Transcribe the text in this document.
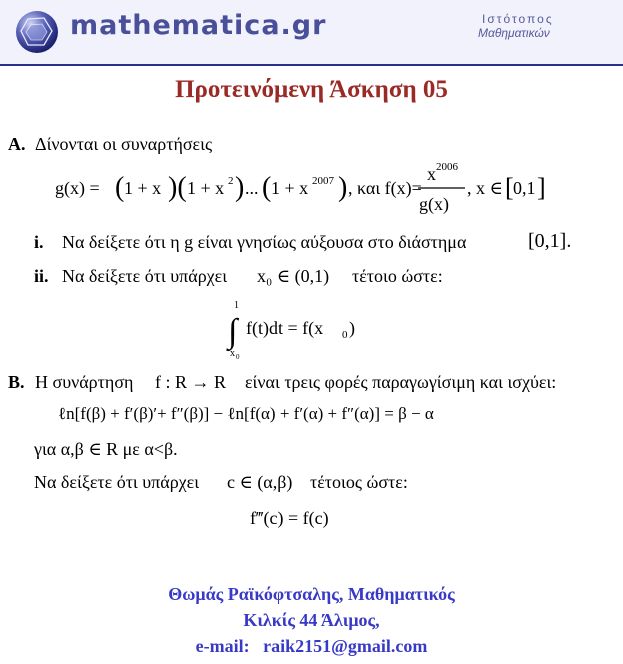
mathematica.gr	Ιστότοπος
Μαθηματικών
Προτεινόμενη Άσκηση 05
A. Δίνονται οι συναρτήσεις
g(x) = ( 1 + x )( 1 + x 2 ) ... ( 1 + x 2007 ) , και f(x)=
x 2006
g(x)
, x ∈ [ 0,1 ]
i. Να δείξετε ότι η g είναι γνησίως αύξουσα στο διάστημα	[0,1].
ii. Να δείξετε ότι υπάρχει x₀ ∈ (0,1) τέτοιο ώστε:
1
∫
x 0
f(t)dt = f(x 0 )
B. Η συνάρτηση f : R → R είναι τρεις φορές παραγωγίσιμη και ισχύει:
ℓn[f(β) + f′(β)′+ f″(β)] − ℓn[f(α) + f′(α) + f″(α)] = β − α
για α,β ∈ R με α<β.
Να δείξετε ότι υπάρχει c ∈ (α,β) τέτοιος ώστε:
f‴(c) = f(c)
Θωμάς Ραϊκόφτσαλης, Μαθηματικός
Κιλκίς 44 Άλιμος,
e-mail: raik2151@gmail.com
